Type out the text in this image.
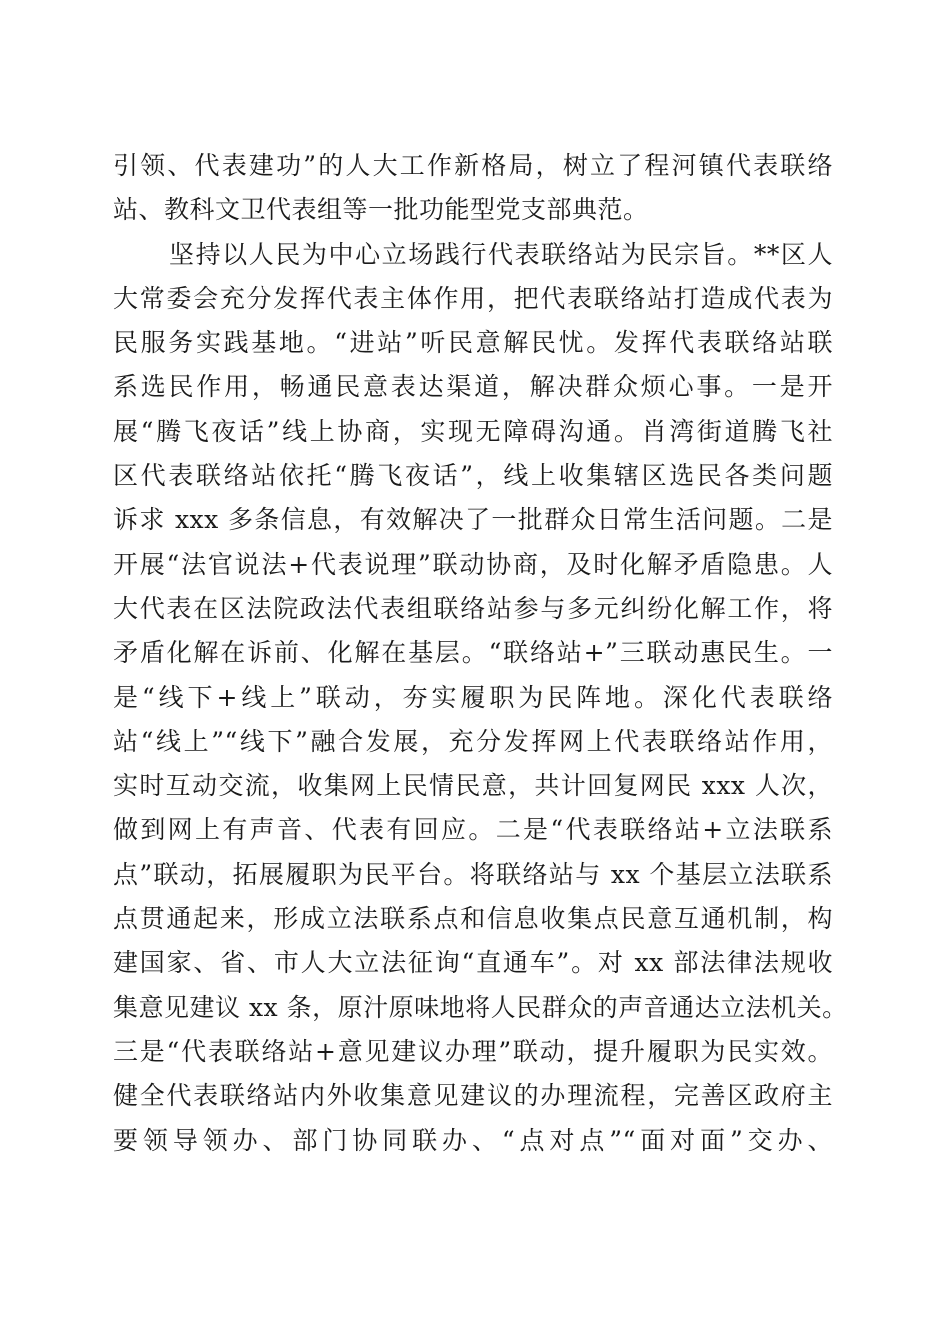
引领、代表建功”的人大工作新格局，树立了程河镇代表联络
站、教科文卫代表组等一批功能型党支部典范。
坚持以人民为中心立场践行代表联络站为民宗旨。**区人
大常委会充分发挥代表主体作用，把代表联络站打造成代表为
民服务实践基地。“进站”听民意解民忧。发挥代表联络站联
系选民作用，畅通民意表达渠道，解决群众烦心事。一是开
展“腾飞夜话”线上协商，实现无障碍沟通。肖湾街道腾飞社
区代表联络站依托“腾飞夜话”，线上收集辖区选民各类问题
诉求 xxx 多条信息，有效解决了一批群众日常生活问题。二是
开展“法官说法+代表说理”联动协商，及时化解矛盾隐患。人
大代表在区法院政法代表组联络站参与多元纠纷化解工作，将
矛盾化解在诉前、化解在基层。“联络站+”三联动惠民生。一
是“线下+线上”联动，夯实履职为民阵地。深化代表联络
站“线上”“线下”融合发展，充分发挥网上代表联络站作用，
实时互动交流，收集网上民情民意，共计回复网民 xxx 人次，
做到网上有声音、代表有回应。二是“代表联络站+立法联系
点”联动，拓展履职为民平台。将联络站与 xx 个基层立法联系
点贯通起来，形成立法联系点和信息收集点民意互通机制，构
建国家、省、市人大立法征询“直通车”。对 xx 部法律法规收
集意见建议 xx 条，原汁原味地将人民群众的声音通达立法机关。
三是“代表联络站+意见建议办理”联动，提升履职为民实效。
健全代表联络站内外收集意见建议的办理流程，完善区政府主
要领导领办、部门协同联办、“点对点”“面对面”交办、
